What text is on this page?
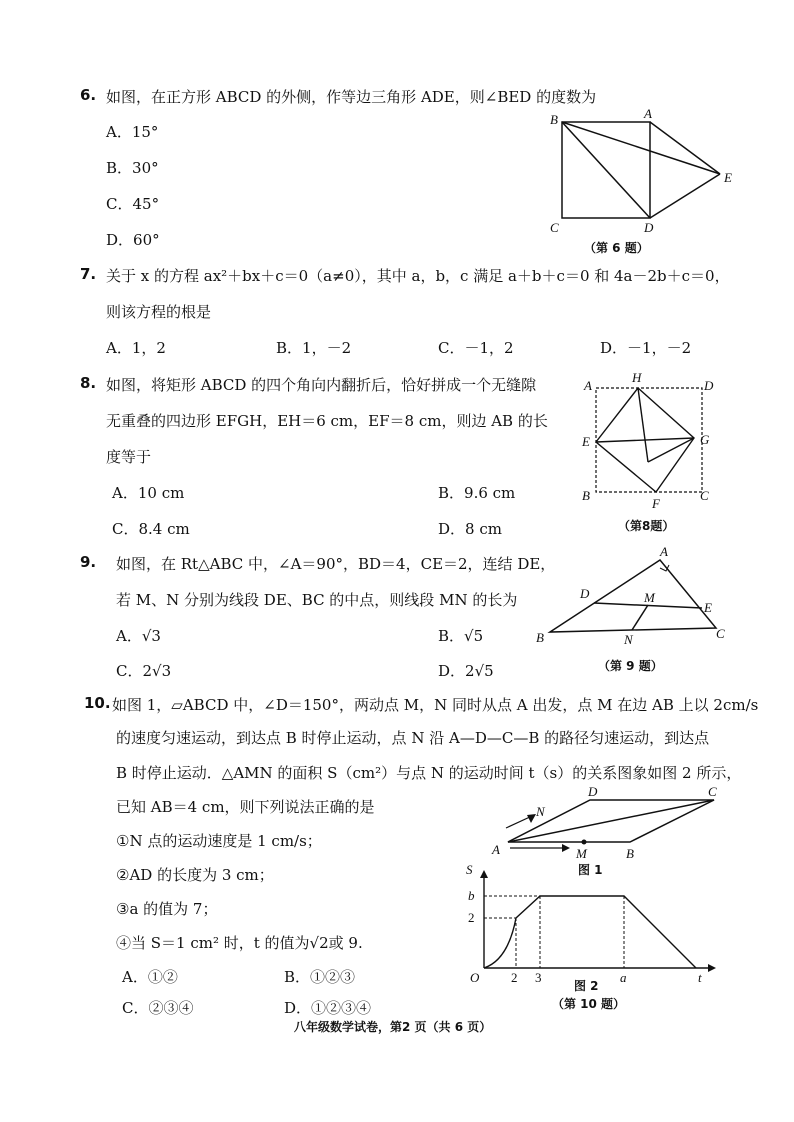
6. 如图，在正方形 ABCD 的外侧，作等边三角形 ADE，则∠BED 的度数为
A．15°
B．30°
C．45°
D．60°
B	A
E
C	D
（第 6 题）
7. 关于 x 的方程 ax²＋bx＋c＝0（a≠0），其中 a，b，c 满足 a＋b＋c＝0 和 4a－2b＋c＝0，
则该方程的根是
A．1，2	B．1，－2	C．－1，2	D．－1，－2
8. 如图，将矩形 ABCD 的四个角向内翻折后，恰好拼成一个无缝隙
无重叠的四边形 EFGH，EH＝6 cm，EF＝8 cm，则边 AB 的长
度等于
A．10 cm	B．9.6 cm
C．8.4 cm	D．8 cm
A
H
D
E	G
B
F
C
（第8题）
9. 如图，在 Rt△ABC 中，∠A＝90°，BD＝4，CE＝2，连结 DE，
若 M、N 分别为线段 DE、BC 的中点，则线段 MN 的长为
A．√3	B．√5
C．2√3	D．2√5
A
D	M
E
B	N	C
（第 9 题）
10. 如图 1，▱ABCD 中，∠D＝150°，两动点 M，N 同时从点 A 出发，点 M 在边 AB 上以 2cm/s
的速度匀速运动，到达点 B 时停止运动，点 N 沿 A—D—C—B 的路径匀速运动，到达点
B 时停止运动．△AMN 的面积 S（cm²）与点 N 的运动时间 t（s）的关系图象如图 2 所示，
已知 AB＝4 cm，则下列说法正确的是
①N 点的运动速度是 1 cm/s；
②AD 的长度为 3 cm；
③a 的值为 7；
④当 S＝1 cm² 时，t 的值为√2或 9.
A．①②	B．①②③
C．②③④	D．①②③④
D	C
N
A	M	B
图 1
S
b
2
O 2 3	a	t
图 2
（第 10 题）
八年级数学试卷，第2 页（共 6 页）
